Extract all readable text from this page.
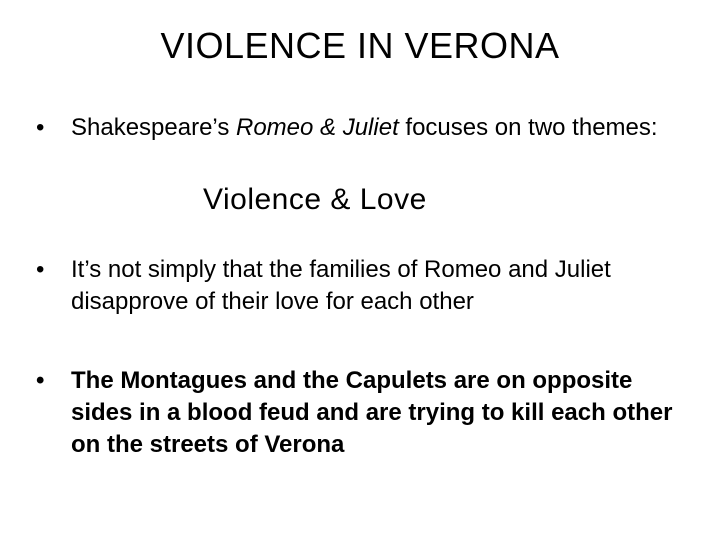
VIOLENCE IN VERONA
•	Shakespeare’s Romeo & Juliet focuses on two themes:
Violence & Love
•	It’s not simply that the families of Romeo and Juliet disapprove of their love for each other
•	The Montagues and the Capulets are on opposite sides in a blood feud and are trying to kill each other on the streets of Verona
